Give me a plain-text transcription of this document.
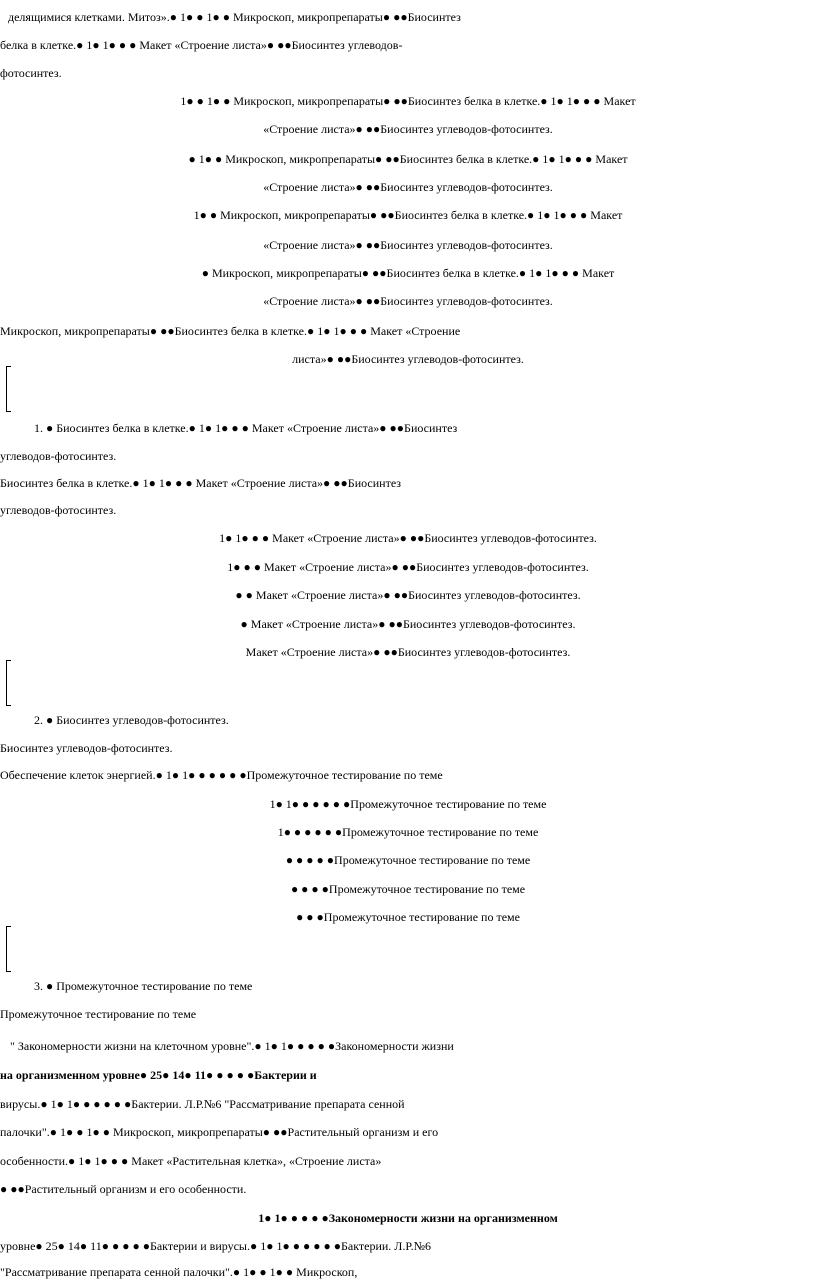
делящимися клетками. Митоз».● 1● ● 1● ● Микроскоп, микропрепараты● ●●Биосинтез
белка в клетке.● 1● 1● ● ● Макет «Строение листа»● ●●Биосинтез углеводов-
фотосинтез.
1● ● 1● ● Микроскоп, микропрепараты● ●●Биосинтез белка в клетке.● 1● 1● ● ● Макет
«Строение листа»● ●●Биосинтез углеводов-фотосинтез.
● 1● ● Микроскоп, микропрепараты● ●●Биосинтез белка в клетке.● 1● 1● ● ● Макет
«Строение листа»● ●●Биосинтез углеводов-фотосинтез.
1● ● Микроскоп, микропрепараты● ●●Биосинтез белка в клетке.● 1● 1● ● ● Макет
«Строение листа»● ●●Биосинтез углеводов-фотосинтез.
● Микроскоп, микропрепараты● ●●Биосинтез белка в клетке.● 1● 1● ● ● Макет
«Строение листа»● ●●Биосинтез углеводов-фотосинтез.
Микроскоп, микропрепараты● ●●Биосинтез белка в клетке.● 1● 1● ● ● Макет «Строение
листа»● ●●Биосинтез углеводов-фотосинтез.
1. ● Биосинтез белка в клетке.● 1● 1● ● ● Макет «Строение листа»● ●●Биосинтез
углеводов-фотосинтез.
Биосинтез белка в клетке.● 1● 1● ● ● Макет «Строение листа»● ●●Биосинтез
углеводов-фотосинтез.
1● 1● ● ● Макет «Строение листа»● ●●Биосинтез углеводов-фотосинтез.
1● ● ● Макет «Строение листа»● ●●Биосинтез углеводов-фотосинтез.
● ● Макет «Строение листа»● ●●Биосинтез углеводов-фотосинтез.
● Макет «Строение листа»● ●●Биосинтез углеводов-фотосинтез.
Макет «Строение листа»● ●●Биосинтез углеводов-фотосинтез.
2. ● Биосинтез углеводов-фотосинтез.
Биосинтез углеводов-фотосинтез.
Обеспечение клеток энергией.● 1● 1● ● ● ● ● ●Промежуточное тестирование по теме
1● 1● ● ● ● ● ●Промежуточное тестирование по теме
1● ● ● ● ● ●Промежуточное тестирование по теме
● ● ● ● ●Промежуточное тестирование по теме
● ● ● ●Промежуточное тестирование по теме
● ● ●Промежуточное тестирование по теме
3. ● Промежуточное тестирование по теме
Промежуточное тестирование по теме
" Закономерности жизни на клеточном уровне".● 1● 1● ● ● ● ●Закономерности жизни
на организменном уровне● 25● 14● 11● ● ● ● ●Бактерии и
вирусы.● 1● 1● ● ● ● ● ●Бактерии. Л.Р.№6 "Рассматривание препарата сенной
палочки".● 1● ● 1● ● Микроскоп, микропрепараты● ●●Растительный организм и его
особенности.● 1● 1● ● ● Макет «Растительная клетка», «Строение листа»
● ●●Растительный организм и его особенности.
1● 1● ● ● ● ●Закономерности жизни на организменном
уровне● 25● 14● 11● ● ● ● ●Бактерии и вирусы.● 1● 1● ● ● ● ● ●Бактерии. Л.Р.№6
"Рассматривание препарата сенной палочки".● 1● ● 1● ● Микроскоп,
